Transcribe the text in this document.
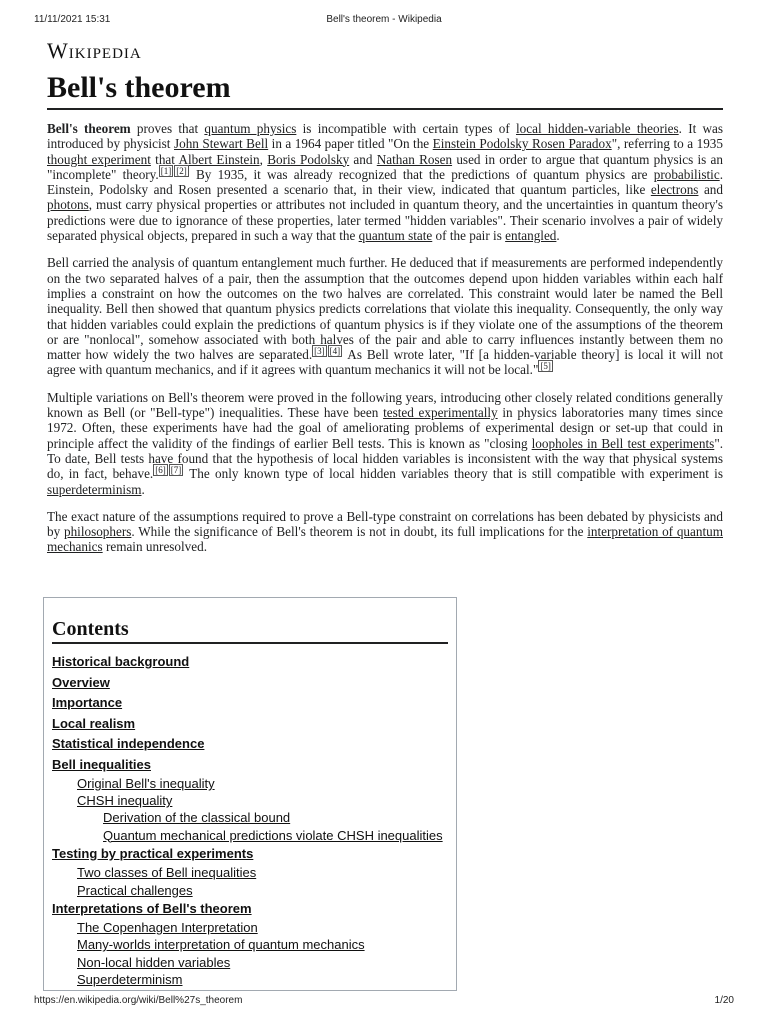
11/11/2021 15:31	Bell's theorem - Wikipedia
Wikipedia
Bell's theorem

Bell's theorem proves that quantum physics is incompatible with certain types of local hidden-variable theories. It was introduced by physicist John Stewart Bell in a 1964 paper titled "On the Einstein Podolsky Rosen Paradox", referring to a 1935 thought experiment that Albert Einstein, Boris Podolsky and Nathan Rosen used in order to argue that quantum physics is an "incomplete" theory. [1] [2] By 1935, it was already recognized that the predictions of quantum physics are probabilistic. Einstein, Podolsky and Rosen presented a scenario that, in their view, indicated that quantum particles, like electrons and photons, must carry physical properties or attributes not included in quantum theory, and the uncertainties in quantum theory's predictions were due to ignorance of these properties, later termed "hidden variables". Their scenario involves a pair of widely separated physical objects, prepared in such a way that the quantum state of the pair is entangled.

Bell carried the analysis of quantum entanglement much further. He deduced that if measurements are performed independently on the two separated halves of a pair, then the assumption that the outcomes depend upon hidden variables within each half implies a constraint on how the outcomes on the two halves are correlated. This constraint would later be named the Bell inequality. Bell then showed that quantum physics predicts correlations that violate this inequality. Consequently, the only way that hidden variables could explain the predictions of quantum physics is if they violate one of the assumptions of the theorem or are "nonlocal", somehow associated with both halves of the pair and able to carry influences instantly between them no matter how widely the two halves are separated. [3] [4] As Bell wrote later, "If [a hidden-variable theory] is local it will not agree with quantum mechanics, and if it agrees with quantum mechanics it will not be local." [5]

Multiple variations on Bell's theorem were proved in the following years, introducing other closely related conditions generally known as Bell (or "Bell-type") inequalities. These have been tested experimentally in physics laboratories many times since 1972. Often, these experiments have had the goal of ameliorating problems of experimental design or set-up that could in principle affect the validity of the findings of earlier Bell tests. This is known as "closing loopholes in Bell test experiments". To date, Bell tests have found that the hypothesis of local hidden variables is inconsistent with the way that physical systems do, in fact, behave. [6] [7] The only known type of local hidden variables theory that is still compatible with experiment is superdeterminism.

The exact nature of the assumptions required to prove a Bell-type constraint on correlations has been debated by physicists and by philosophers. While the significance of Bell's theorem is not in doubt, its full implications for the interpretation of quantum mechanics remain unresolved.

Contents
Historical background
Overview
Importance
Local realism
Statistical independence
Bell inequalities
Original Bell's inequality
CHSH inequality
Derivation of the classical bound
Quantum mechanical predictions violate CHSH inequalities
Testing by practical experiments
Two classes of Bell inequalities
Practical challenges
Interpretations of Bell's theorem
The Copenhagen Interpretation
Many-worlds interpretation of quantum mechanics
Non-local hidden variables
Superdeterminism
https://en.wikipedia.org/wiki/Bell%27s_theorem	1/20
